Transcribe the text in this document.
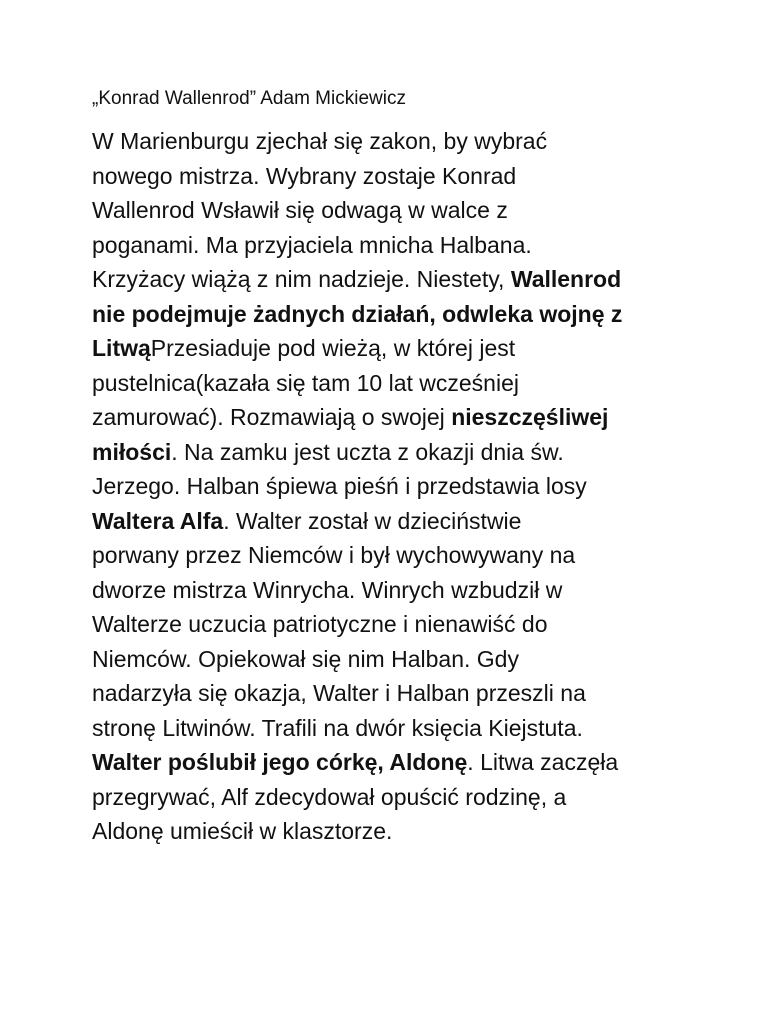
„Konrad Wallenrod” Adam Mickiewicz
W Marienburgu zjechał się zakon, by wybrać
nowego mistrza. Wybrany zostaje Konrad
Wallenrod Wsławił się odwagą w walce z
poganami. Ma przyjaciela mnicha Halbana.
Krzyżacy wiążą z nim nadzieje. Niestety, Wallenrod
nie podejmuje żadnych działań, odwleka wojnę z
LitwąPrzesiaduje pod wieżą, w której jest
pustelnica(kazała się tam 10 lat wcześniej
zamurować). Rozmawiają o swojej nieszczęśliwej
miłości. Na zamku jest uczta z okazji dnia św.
Jerzego. Halban śpiewa pieśń i przedstawia losy
Waltera Alfa. Walter został w dzieciństwie
porwany przez Niemców i był wychowywany na
dworze mistrza Winrycha. Winrych wzbudził w
Walterze uczucia patriotyczne i nienawiść do
Niemców. Opiekował się nim Halban. Gdy
nadarzyła się okazja, Walter i Halban przeszli na
stronę Litwinów. Trafili na dwór księcia Kiejstuta.
Walter poślubił jego córkę, Aldonę. Litwa zaczęła
przegrywać, Alf zdecydował opuścić rodzinę, a
Aldonę umieścił w klasztorze.
